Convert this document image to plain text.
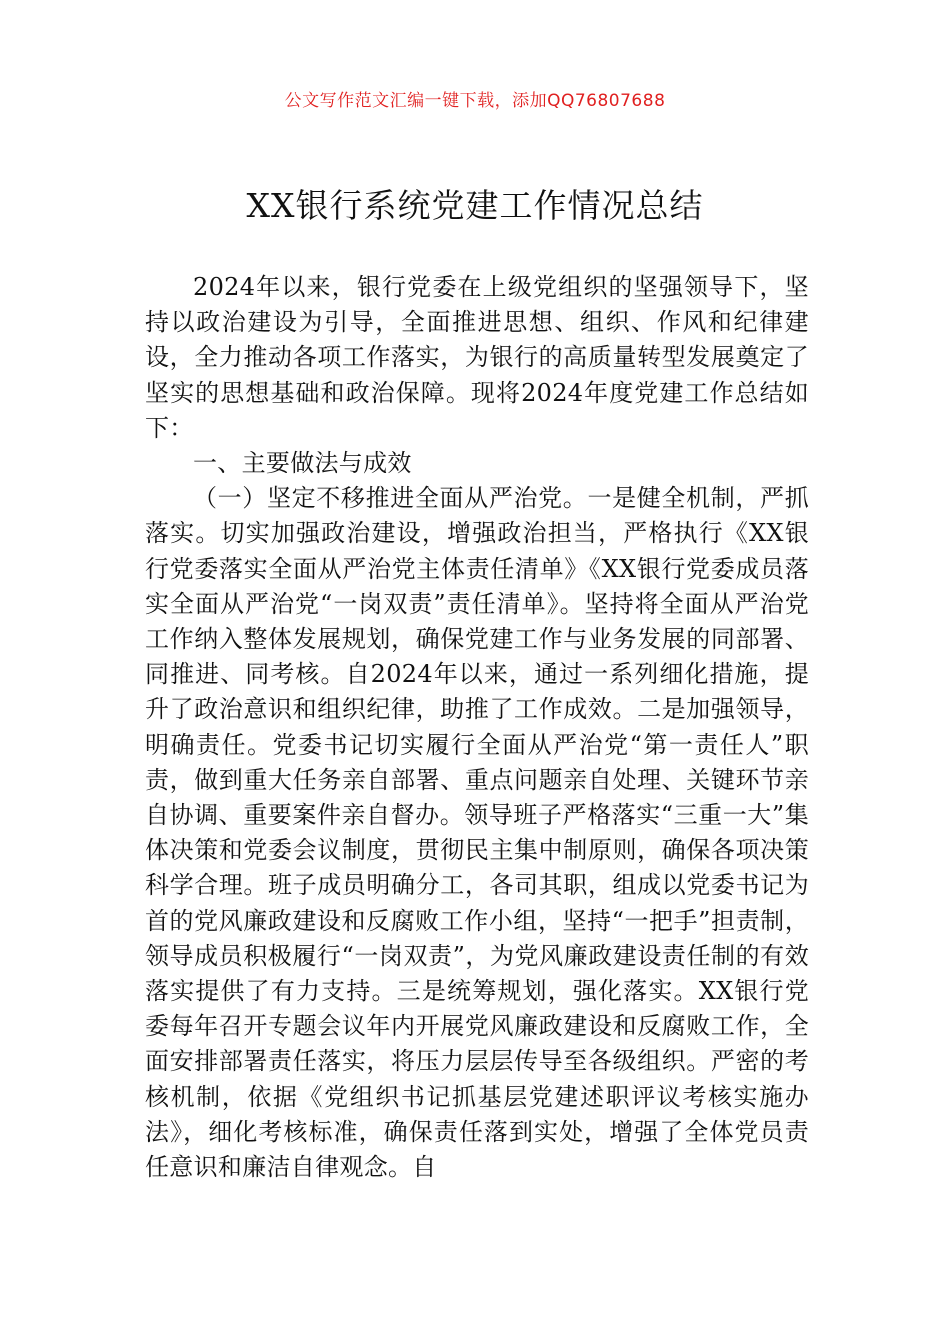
公文写作范文汇编一键下载，添加QQ76807688
XX银行系统党建工作情况总结

2024年以来，银行党委在上级党组织的坚强领导下，坚持以政治建设为引导，全面推进思想、组织、作风和纪律建设，全力推动各项工作落实，为银行的高质量转型发展奠定了坚实的思想基础和政治保障。现将2024年度党建工作总结如下：

一、主要做法与成效

（一）坚定不移推进全面从严治党。一是健全机制，严抓落实。切实加强政治建设，增强政治担当，严格执行《XX银行党委落实全面从严治党主体责任清单》《XX银行党委成员落实全面从严治党“一岗双责”责任清单》。坚持将全面从严治党工作纳入整体发展规划，确保党建工作与业务发展的同部署、同推进、同考核。自2024年以来，通过一系列细化措施，提升了政治意识和组织纪律，助推了工作成效。二是加强领导，明确责任。党委书记切实履行全面从严治党“第一责任人”职责，做到重大任务亲自部署、重点问题亲自处理、关键环节亲自协调、重要案件亲自督办。领导班子严格落实“三重一大”集体决策和党委会议制度，贯彻民主集中制原则，确保各项决策科学合理。班子成员明确分工，各司其职，组成以党委书记为首的党风廉政建设和反腐败工作小组，坚持“一把手”担责制，领导成员积极履行“一岗双责”，为党风廉政建设责任制的有效落实提供了有力支持。三是统筹规划，强化落实。XX银行党委每年召开专题会议年内开展党风廉政建设和反腐败工作，全面安排部署责任落实，将压力层层传导至各级组织。严密的考核机制，依据《党组织书记抓基层党建述职评议考核实施办法》，细化考核标准，确保责任落到实处，增强了全体党员责任意识和廉洁自律观念。自
